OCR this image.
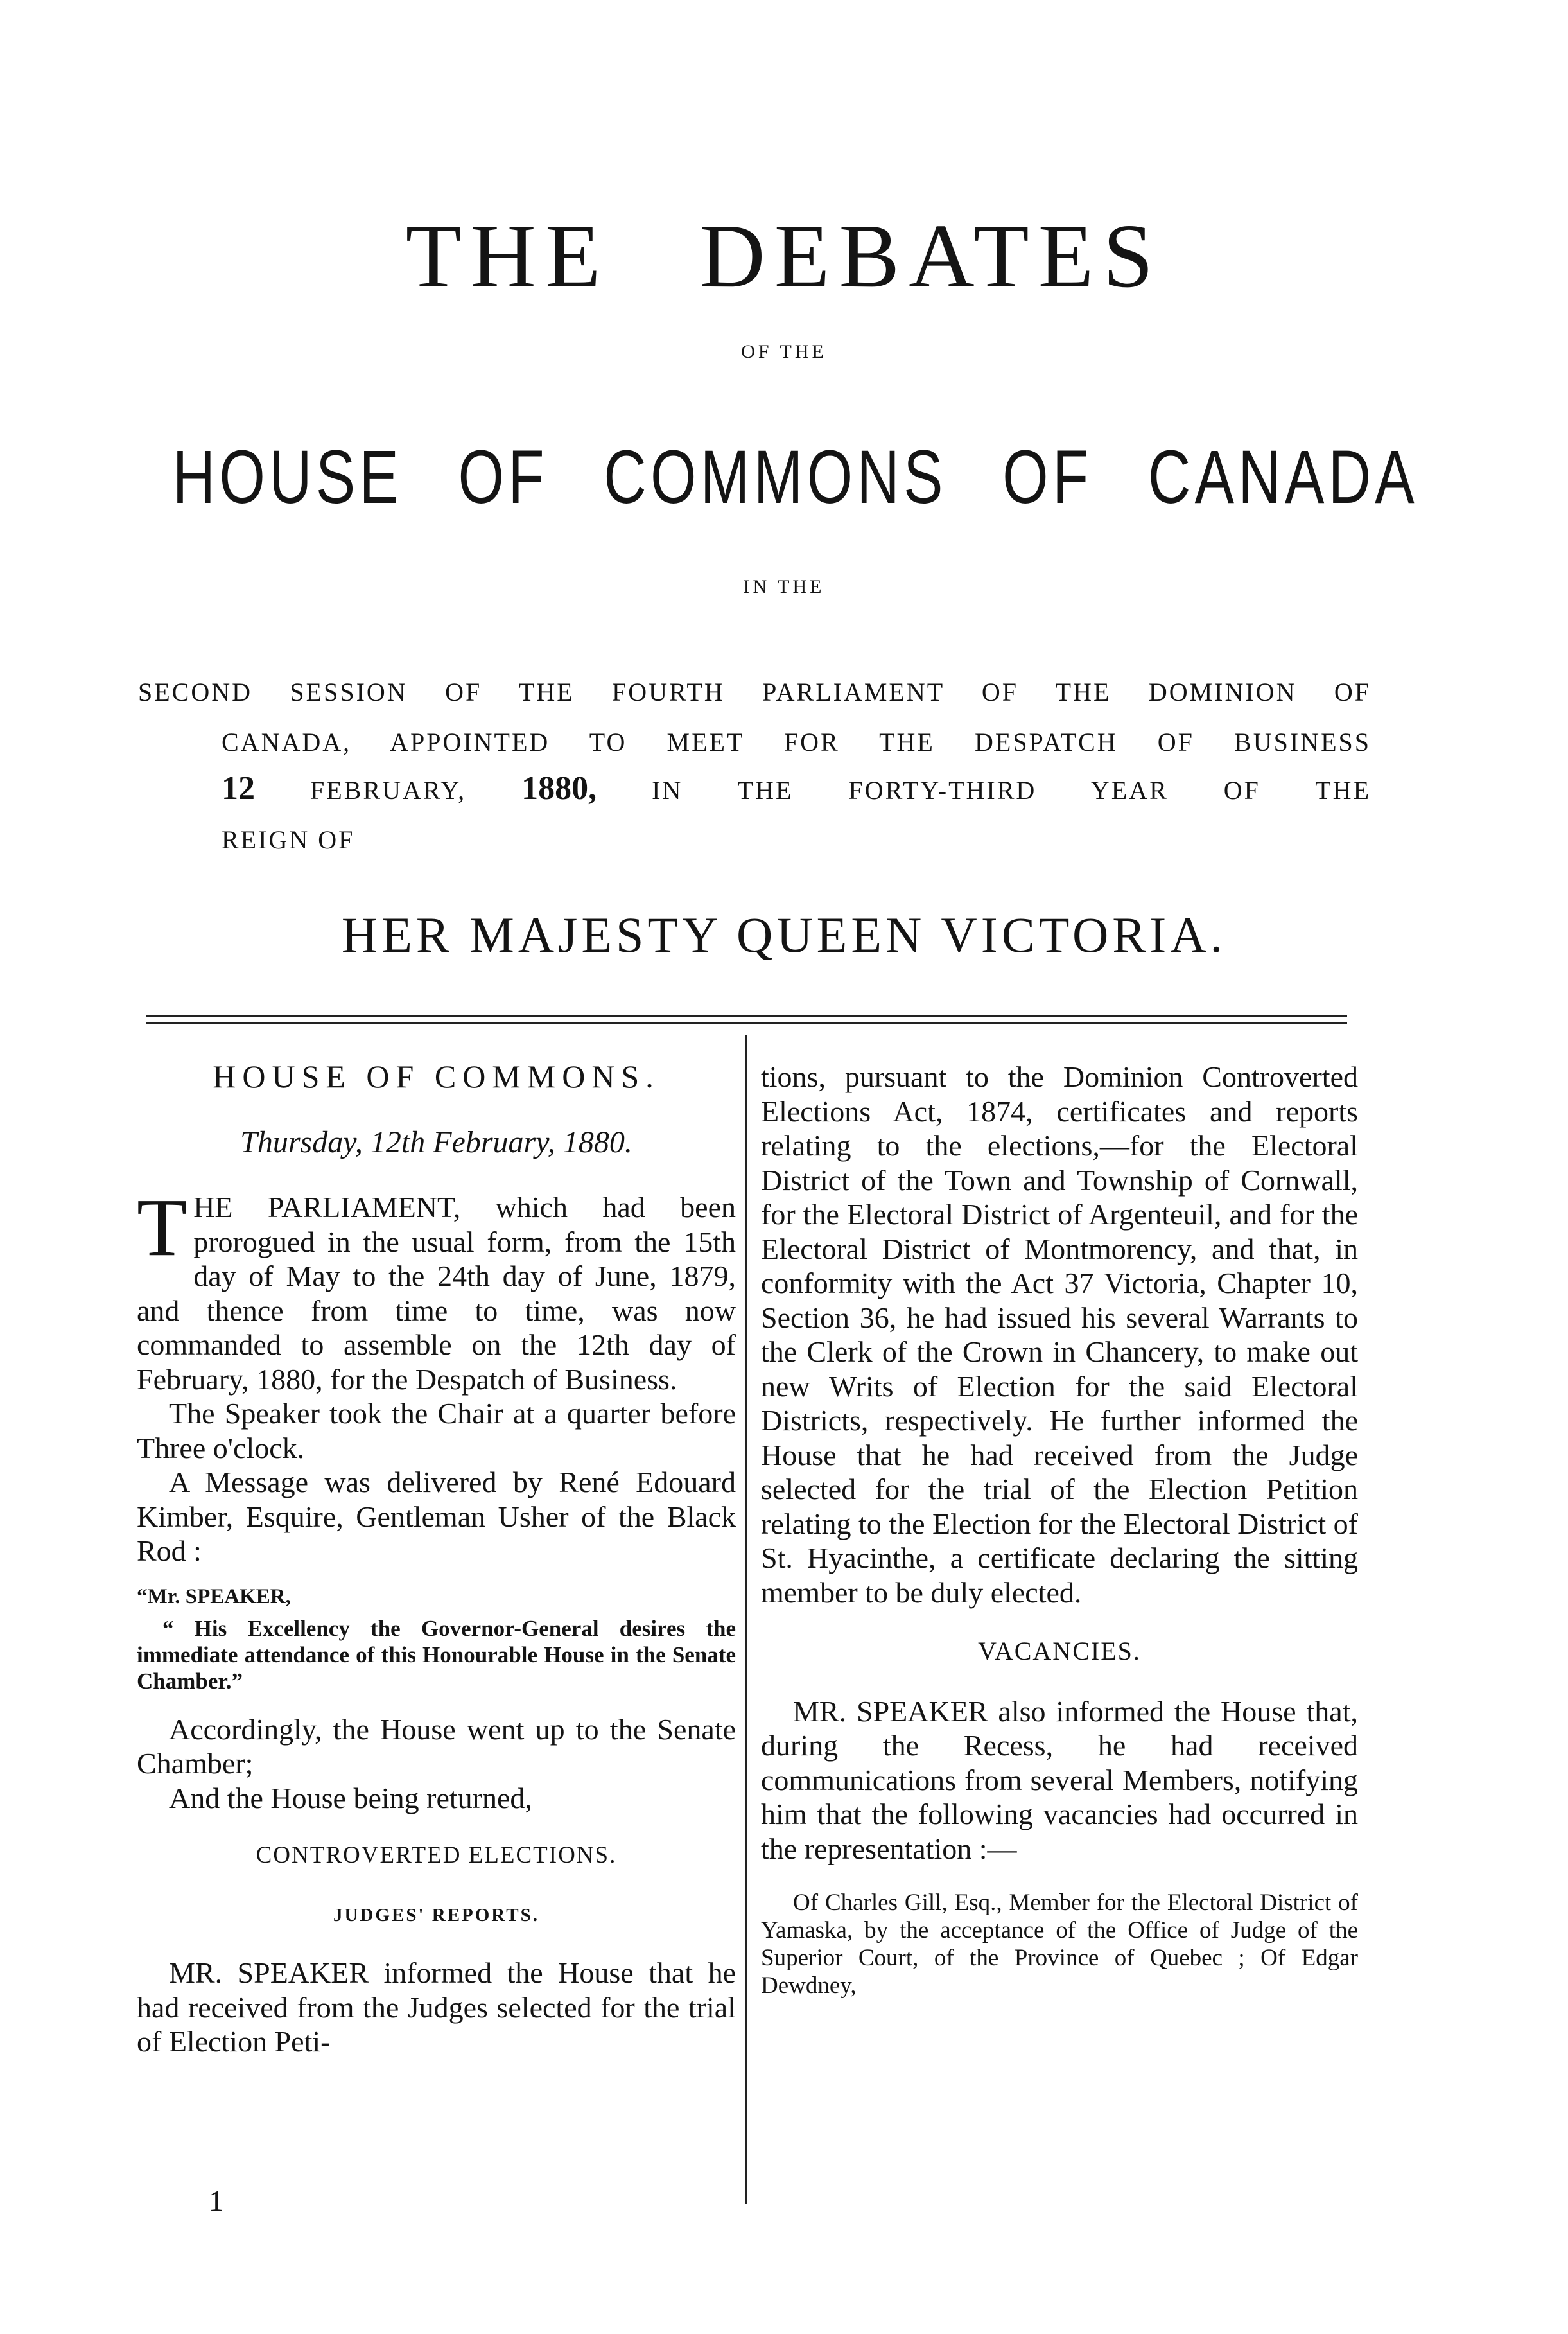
THE DEBATES
OF THE
HOUSE OF COMMONS OF CANADA
IN THE
SECOND SESSION OF THE FOURTH PARLIAMENT OF THE DOMINION OF
CANADA, APPOINTED TO MEET FOR THE DESPATCH OF BUSINESS
12 FEBRUARY, 1880, IN THE FORTY-THIRD YEAR OF THE
REIGN OF
HER MAJESTY QUEEN VICTORIA.

HOUSE OF COMMONS.

Thursday, 12th February, 1880.

THE PARLIAMENT, which had been prorogued in the usual form, from the 15th day of May to the 24th day of June, 1879, and thence from time to time, was now commanded to assemble on the 12th day of February, 1880, for the Despatch of Business.

The Speaker took the Chair at a quarter before Three o'clock.

A Message was delivered by René Edouard Kimber, Esquire, Gentleman Usher of the Black Rod :

“Mr. SPEAKER,

“ His Excellency the Governor-General desires the immediate attendance of this Honourable House in the Senate Chamber.”

Accordingly, the House went up to the Senate Chamber;

And the House being returned,

CONTROVERTED ELECTIONS.

JUDGES' REPORTS.

MR. SPEAKER informed the House that he had received from the Judges selected for the trial of Election Peti-

1

tions, pursuant to the Dominion Controverted Elections Act, 1874, certificates and reports relating to the elections,—for the Electoral District of the Town and Township of Cornwall, for the Electoral District of Argenteuil, and for the Electoral District of Montmorency, and that, in conformity with the Act 37 Victoria, Chapter 10, Section 36, he had issued his several Warrants to the Clerk of the Crown in Chancery, to make out new Writs of Election for the said Electoral Districts, respectively. He further informed the House that he had received from the Judge selected for the trial of the Election Petition relating to the Election for the Electoral District of St. Hyacinthe, a certificate declaring the sitting member to be duly elected.

VACANCIES.

MR. SPEAKER also informed the House that, during the Recess, he had received communications from several Members, notifying him that the following vacancies had occurred in the representation :—

Of Charles Gill, Esq., Member for the Electoral District of Yamaska, by the acceptance of the Office of Judge of the Superior Court, of the Province of Quebec ; Of Edgar Dewdney,
